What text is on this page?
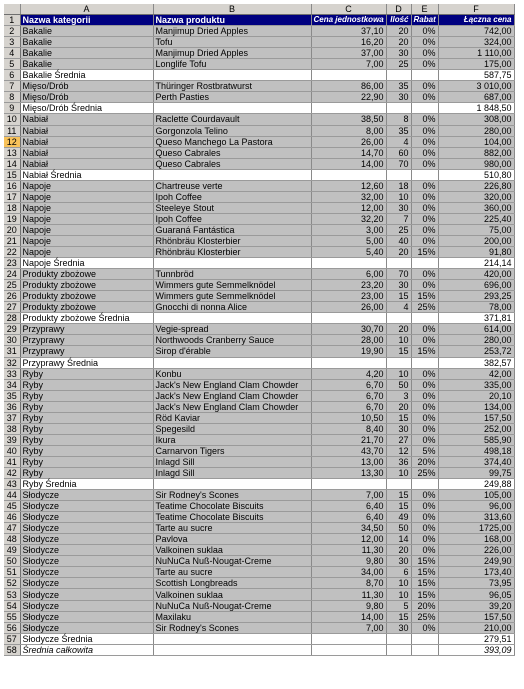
	A	B	C	D	E	F
1	Nazwa kategorii	Nazwa produktu	Cena jednostkowa	Ilość	Rabat	Łączna cena
2	Bakalie	Manjimup Dried Apples	37,10	20	0%	742,00
3	Bakalie	Tofu	16,20	20	0%	324,00
4	Bakalie	Manjimup Dried Apples	37,00	30	0%	1 110,00
5	Bakalie	Longlife Tofu	7,00	25	0%	175,00
6	Bakalie Średnia					587,75
7	Mięso/Drób	Thüringer Rostbratwurst	86,00	35	0%	3 010,00
8	Mięso/Drób	Perth Pasties	22,90	30	0%	687,00
9	Mięso/Drób Średnia					1 848,50
10	Nabiał	Raclette Courdavault	38,50	8	0%	308,00
11	Nabiał	Gorgonzola Telino	8,00	35	0%	280,00
12	Nabiał	Queso Manchego La Pastora	26,00	4	0%	104,00
13	Nabiał	Queso Cabrales	14,70	60	0%	882,00
14	Nabiał	Queso Cabrales	14,00	70	0%	980,00
15	Nabiał Średnia					510,80
16	Napoje	Chartreuse verte	12,60	18	0%	226,80
17	Napoje	Ipoh Coffee	32,00	10	0%	320,00
18	Napoje	Steeleye Stout	12,00	30	0%	360,00
19	Napoje	Ipoh Coffee	32,20	7	0%	225,40
20	Napoje	Guaraná Fantástica	3,00	25	0%	75,00
21	Napoje	Rhönbräu Klosterbier	5,00	40	0%	200,00
22	Napoje	Rhönbräu Klosterbier	5,40	20	15%	91,80
23	Napoje Średnia					214,14
24	Produkty zbożowe	Tunnbröd	6,00	70	0%	420,00
25	Produkty zbożowe	Wimmers gute Semmelknödel	23,20	30	0%	696,00
26	Produkty zbożowe	Wimmers gute Semmelknödel	23,00	15	15%	293,25
27	Produkty zbożowe	Gnocchi di nonna Alice	26,00	4	25%	78,00
28	Produkty zbożowe Średnia					371,81
29	Przyprawy	Vegie-spread	30,70	20	0%	614,00
30	Przyprawy	Northwoods Cranberry Sauce	28,00	10	0%	280,00
31	Przyprawy	Sirop d'érable	19,90	15	15%	253,72
32	Przyprawy Średnia					382,57
33	Ryby	Konbu	4,20	10	0%	42,00
34	Ryby	Jack's New England Clam Chowder	6,70	50	0%	335,00
35	Ryby	Jack's New England Clam Chowder	6,70	3	0%	20,10
36	Ryby	Jack's New England Clam Chowder	6,70	20	0%	134,00
37	Ryby	Röd Kaviar	10,50	15	0%	157,50
38	Ryby	Spegesild	8,40	30	0%	252,00
39	Ryby	Ikura	21,70	27	0%	585,90
40	Ryby	Carnarvon Tigers	43,70	12	5%	498,18
41	Ryby	Inlagd Sill	13,00	36	20%	374,40
42	Ryby	Inlagd Sill	13,30	10	25%	99,75
43	Ryby Średnia					249,88
44	Słodycze	Sir Rodney's Scones	7,00	15	0%	105,00
45	Słodycze	Teatime Chocolate Biscuits	6,40	15	0%	96,00
46	Słodycze	Teatime Chocolate Biscuits	6,40	49	0%	313,60
47	Słodycze	Tarte au sucre	34,50	50	0%	1725,00
48	Słodycze	Pavlova	12,00	14	0%	168,00
49	Słodycze	Valkoinen suklaa	11,30	20	0%	226,00
50	Słodycze	NuNuCa Nuß-Nougat-Creme	9,80	30	15%	249,90
51	Słodycze	Tarte au sucre	34,00	6	15%	173,40
52	Słodycze	Scottish Longbreads	8,70	10	15%	73,95
53	Słodycze	Valkoinen suklaa	11,30	10	15%	96,05
54	Słodycze	NuNuCa Nuß-Nougat-Creme	9,80	5	20%	39,20
55	Słodycze	Maxilaku	14,00	15	25%	157,50
56	Słodycze	Sir Rodney's Scones	7,00	30	0%	210,00
57	Słodycze Średnia					279,51
58	Średnia całkowita					393,09
